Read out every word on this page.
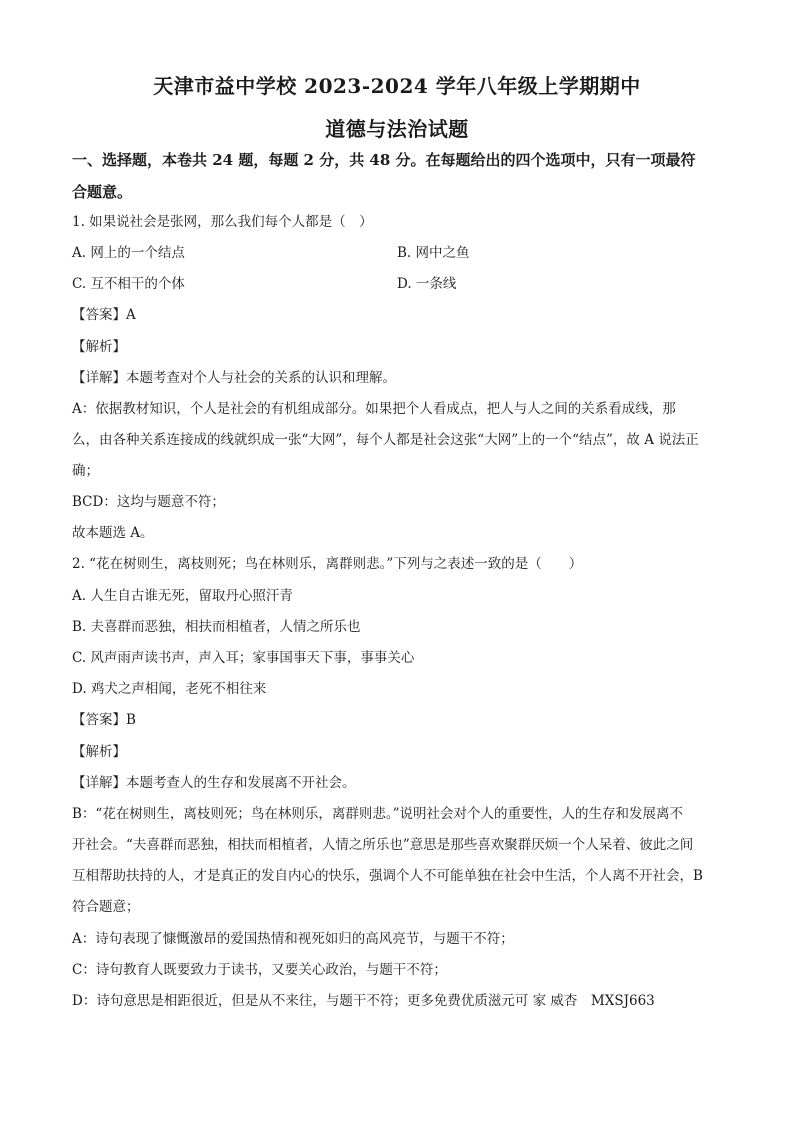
天津市益中学校 2023-2024 学年八年级上学期期中
道德与法治试题
一、选择题，本卷共 24 题，每题 2 分，共 48 分。在每题给出的四个选项中，只有一项最符
合题意。
1. 如果说社会是张网，那么我们每个人都是（　）
A. 网上的一个结点	B. 网中之鱼
C. 互不相干的个体	D. 一条线
【答案】A
【解析】
【详解】本题考查对个人与社会的关系的认识和理解。
A：依据教材知识，个人是社会的有机组成部分。如果把个人看成点，把人与人之间的关系看成线，那
么，由各种关系连接成的线就织成一张“大网”，每个人都是社会这张“大网”上的一个“结点”，故 A 说法正
确；
BCD：这均与题意不符；
故本题选 A。
2. “花在树则生，离枝则死；鸟在林则乐，离群则悲。”下列与之表述一致的是（　　）
A. 人生自古谁无死，留取丹心照汗青
B. 夫喜群而恶独，相扶而相植者，人情之所乐也
C. 风声雨声读书声，声入耳；家事国事天下事，事事关心
D. 鸡犬之声相闻，老死不相往来
【答案】B
【解析】
【详解】本题考查人的生存和发展离不开社会。
B：“花在树则生，离枝则死；鸟在林则乐，离群则悲。”说明社会对个人的重要性，人的生存和发展离不
开社会。“夫喜群而恶独，相扶而相植者，人情之所乐也”意思是那些喜欢聚群厌烦一个人呆着、彼此之间
互相帮助扶持的人，才是真正的发自内心的快乐，强调个人不可能单独在社会中生活，个人离不开社会，B
符合题意；
A：诗句表现了慷慨激昂的爱国热情和视死如归的高风亮节，与题干不符；
C：诗句教育人既要致力于读书，又要关心政治，与题干不符；
D：诗句意思是相距很近，但是从不来往，与题干不符；更多免费优质滋元可 家 威杏　MXSJ663
